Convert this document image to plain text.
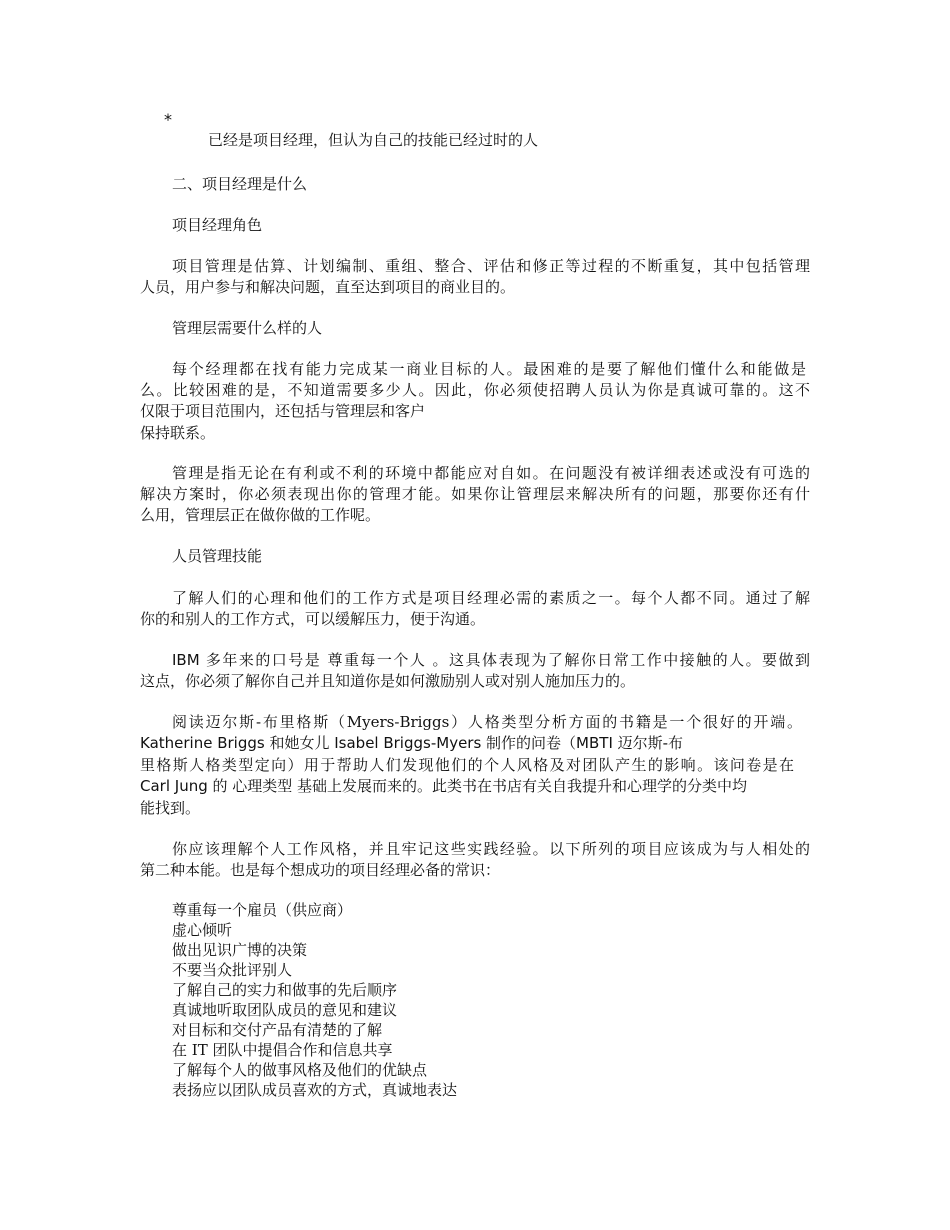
*
已经是项目经理，但认为自己的技能已经过时的人
二、项目经理是什么
项目经理角色
项目管理是估算、计划编制、重组、整合、评估和修正等过程的不断重复，其中包括管理
人员，用户参与和解决问题，直至达到项目的商业目的。
管理层需要什么样的人
每个经理都在找有能力完成某一商业目标的人。最困难的是要了解他们懂什么和能做是
么。比较困难的是，不知道需要多少人。因此，你必须使招聘人员认为你是真诚可靠的。这不
仅限于项目范围内，还包括与管理层和客户
保持联系。
管理是指无论在有利或不利的环境中都能应对自如。在问题没有被详细表述或没有可选的
解决方案时，你必须表现出你的管理才能。如果你让管理层来解决所有的问题，那要你还有什
么用，管理层正在做你做的工作呢。
人员管理技能
了解人们的心理和他们的工作方式是项目经理必需的素质之一。每个人都不同。通过了解
你的和别人的工作方式，可以缓解压力，便于沟通。
IBM 多年来的口号是 尊重每一个人 。这具体表现为了解你日常工作中接触的人。要做到
这点，你必须了解你自己并且知道你是如何激励别人或对别人施加压力的。
阅读迈尔斯-布里格斯（Myers-Briggs）人格类型分析方面的书籍是一个很好的开端。
Katherine Briggs 和她女儿 Isabel Briggs-Myers 制作的问卷（MBTI 迈尔斯-布
里格斯人格类型定向）用于帮助人们发现他们的个人风格及对团队产生的影响。该问卷是在
Carl Jung 的 心理类型 基础上发展而来的。此类书在书店有关自我提升和心理学的分类中均
能找到。
你应该理解个人工作风格，并且牢记这些实践经验。以下所列的项目应该成为与人相处的
第二种本能。也是每个想成功的项目经理必备的常识：
尊重每一个雇员（供应商）
虚心倾听
做出见识广博的决策
不要当众批评别人
了解自己的实力和做事的先后顺序
真诚地听取团队成员的意见和建议
对目标和交付产品有清楚的了解
在 IT 团队中提倡合作和信息共享
了解每个人的做事风格及他们的优缺点
表扬应以团队成员喜欢的方式，真诚地表达
